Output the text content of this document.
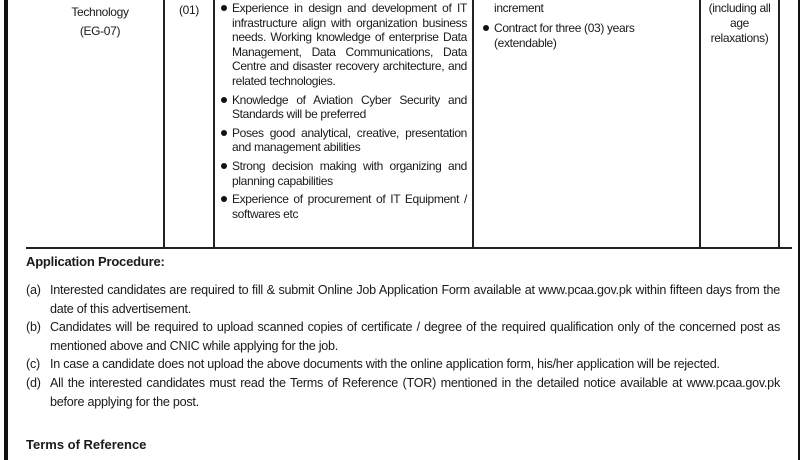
Technology
(EG-07)
(01)	Experience in design and development of IT infrastructure align with organization business needs. Working knowledge of enterprise Data Management, Data Communications, Data Centre and disaster recovery architecture, and related technologies.
Knowledge of Aviation Cyber Security and Standards will be preferred
Poses good analytical, creative, presentation and management abilities
Strong decision making with organizing and planning capabilities
Experience of procurement of IT Equipment / softwares etc
increment
Contract for three (03) years (extendable)
(including all
age
relaxations)
Application Procedure:
(a) Interested candidates are required to fill & submit Online Job Application Form available at www.pcaa.gov.pk within fifteen days from the date of this advertisement.
(b) Candidates will be required to upload scanned copies of certificate / degree of the required qualification only of the concerned post as mentioned above and CNIC while applying for the job.
(c) In case a candidate does not upload the above documents with the online application form, his/her application will be rejected.
(d) All the interested candidates must read the Terms of Reference (TOR) mentioned in the detailed notice available at www.pcaa.gov.pk before applying for the post.
Terms of Reference
